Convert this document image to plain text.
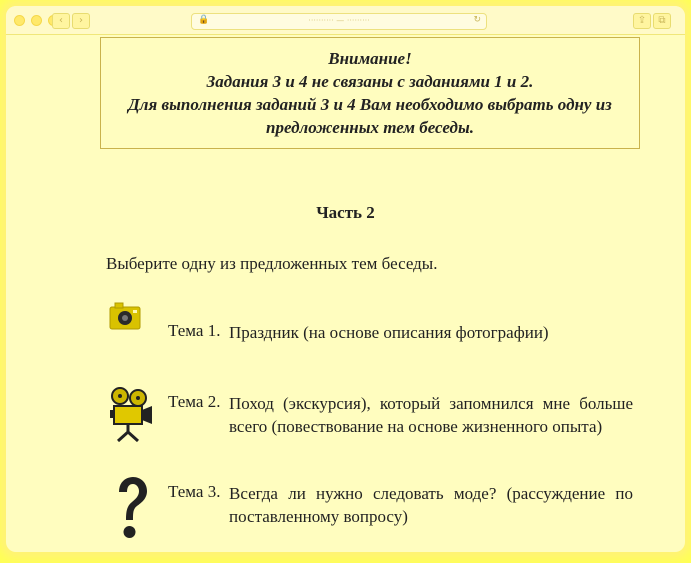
‹	›	🔒	·········· — ·········	↻	⇪	⧉
Внимание!
Задания 3 и 4 не связаны с заданиями 1 и 2.
Для выполнения заданий 3 и 4 Вам необходимо выбрать одну из
предложенных тем беседы.
Часть 2
Выберите одну из предложенных тем беседы.
Тема 1. Праздник (на основе описания фотографии)
Тема 2. Поход (экскурсия), который запомнился мне больше всего (повествование на основе жизненного опыта)
Тема 3. Всегда ли нужно следовать моде? (рассуждение по поставленному вопросу)
